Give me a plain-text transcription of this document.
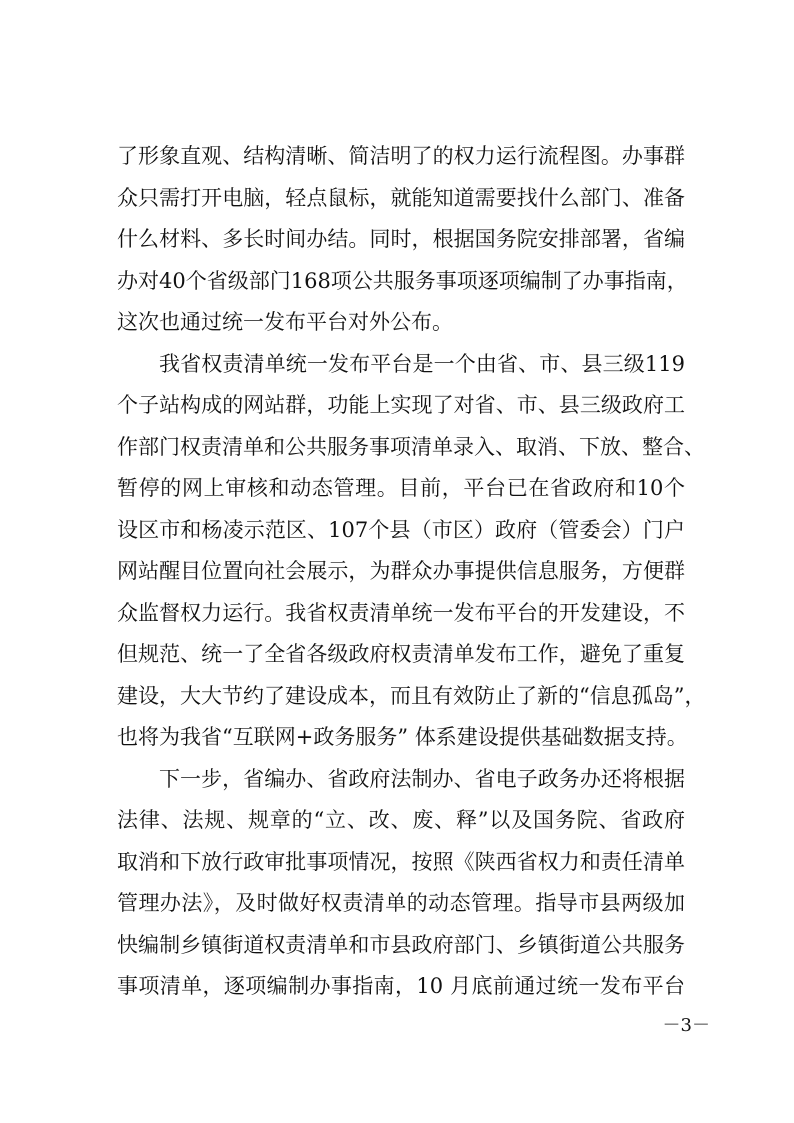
了形象直观、结构清晰、简洁明了的权力运行流程图。办事群
众只需打开电脑，轻点鼠标，就能知道需要找什么部门、准备
什么材料、多长时间办结。同时，根据国务院安排部署，省编
办对40个省级部门168项公共服务事项逐项编制了办事指南，
这次也通过统一发布平台对外公布。
我省权责清单统一发布平台是一个由省、市、县三级119
个子站构成的网站群，功能上实现了对省、市、县三级政府工
作部门权责清单和公共服务事项清单录入、取消、下放、整合、
暂停的网上审核和动态管理。目前，平台已在省政府和10个
设区市和杨凌示范区、107个县（市区）政府（管委会）门户
网站醒目位置向社会展示，为群众办事提供信息服务，方便群
众监督权力运行。我省权责清单统一发布平台的开发建设，不
但规范、统一了全省各级政府权责清单发布工作，避免了重复
建设，大大节约了建设成本，而且有效防止了新的“信息孤岛”，
也将为我省“互联网+政务服务” 体系建设提供基础数据支持。
下一步，省编办、省政府法制办、省电子政务办还将根据
法律、法规、规章的“立、改、废、释”以及国务院、省政府
取消和下放行政审批事项情况，按照《陕西省权力和责任清单
管理办法》，及时做好权责清单的动态管理。指导市县两级加
快编制乡镇街道权责清单和市县政府部门、乡镇街道公共服务
事项清单，逐项编制办事指南，10 月底前通过统一发布平台
－3－
